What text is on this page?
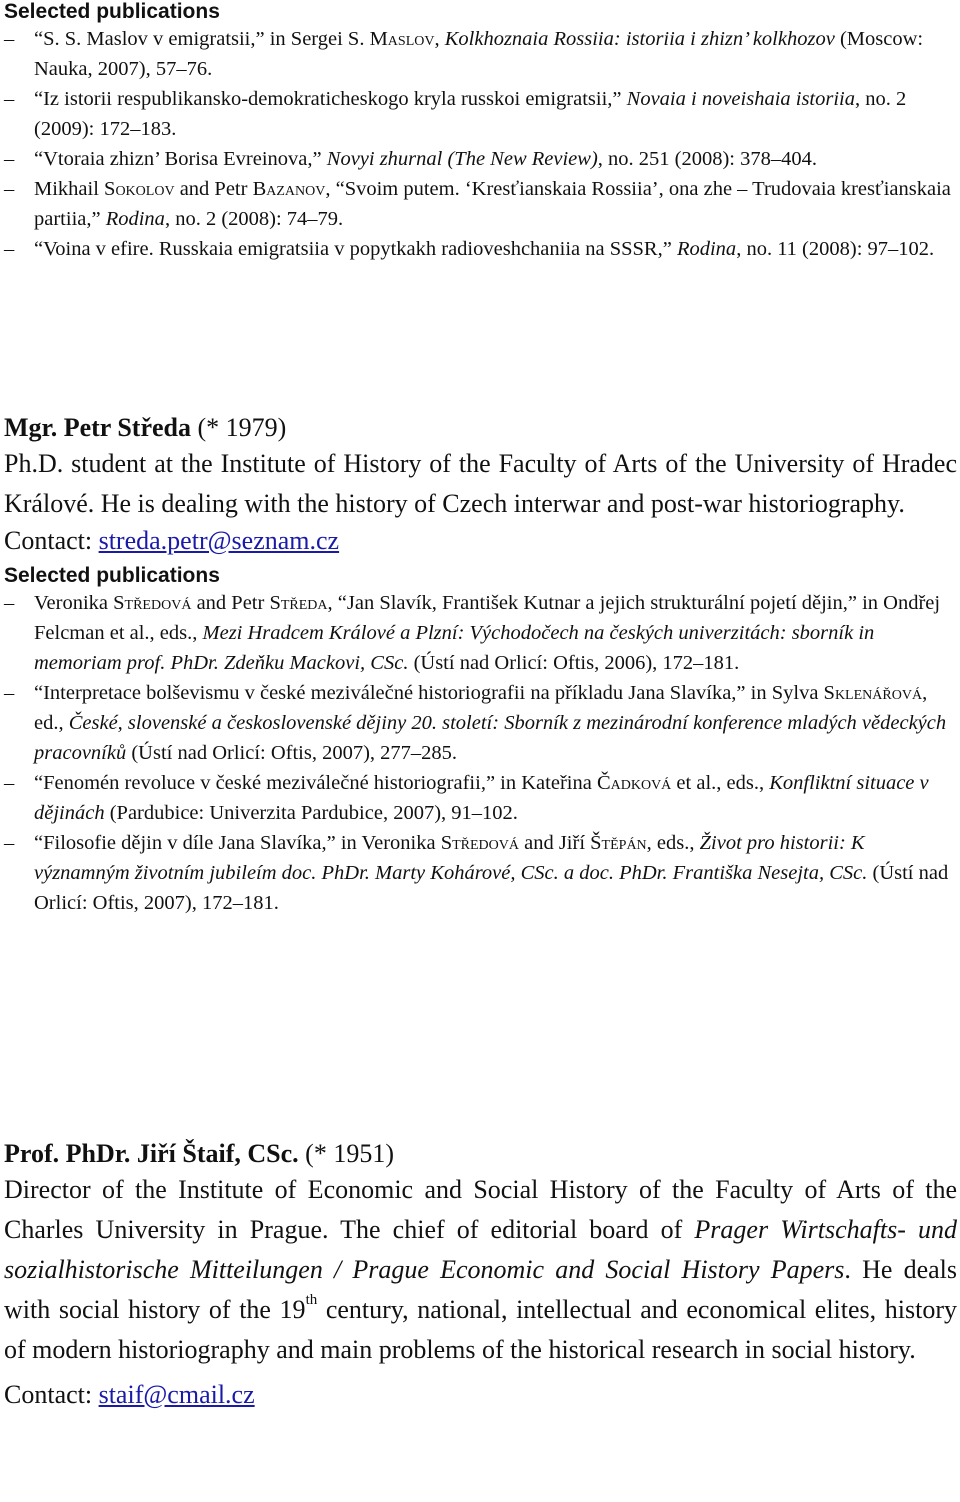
Selected publications

– “S. S. Maslov v emigratsii,” in Sergei S. Maslov, Kolkhoznaia Rossiia: istoriia i zhizn’ kolkhozov (Moscow: Nauka, 2007), 57–76.
– “Iz istorii respublikansko-demokraticheskogo kryla russkoi emigratsii,” Novaia i noveishaia istoriia, no. 2 (2009): 172–183.
– “Vtoraia zhizn’ Borisa Evreinova,” Novyi zhurnal (The New Review), no. 251 (2008): 378–404.
– Mikhail Sokolov and Petr Bazanov, “Svoim putem. ‘Kresťianskaia Rossiia’, ona zhe – Trudovaia kresťianskaia partiia,” Rodina, no. 2 (2008): 74–79.
– “Voina v efire. Russkaia emigratsiia v popytkakh radioveshchaniia na SSSR,” Rodina, no. 11 (2008): 97–102.

Mgr. Petr Středa (* 1979)

Ph.D. student at the Institute of History of the Faculty of Arts of the University of Hradec Králové. He is dealing with the history of Czech interwar and post-war historiography.

Contact: streda.petr@seznam.cz

Selected publications

– Veronika Středová and Petr Středa, “Jan Slavík, František Kutnar a jejich strukturální pojetí dějin,” in Ondřej Felcman et al., eds., Mezi Hradcem Králové a Plzní: Východočech na českých univerzitách: sborník in memoriam prof. PhDr. Zdeňku Mackovi, CSc. (Ústí nad Orlicí: Oftis, 2006), 172–181.
– “Interpretace bolševismu v české meziválečné historiografii na příkladu Jana Slavíka,” in Sylva Sklenářová, ed., České, slovenské a československé dějiny 20. století: Sborník z mezinárodní konference mladých vědeckých pracovníků (Ústí nad Orlicí: Oftis, 2007), 277–285.
– “Fenomén revoluce v české meziválečné historiografii,” in Kateřina Čadková et al., eds., Konfliktní situace v dějinách (Pardubice: Univerzita Pardubice, 2007), 91–102.
– “Filosofie dějin v díle Jana Slavíka,” in Veronika Středová and Jiří Štěpán, eds., Život pro historii: K významným životním jubileím doc. PhDr. Marty Kohárové, CSc. a doc. PhDr. Františka Nesejta, CSc. (Ústí nad Orlicí: Oftis, 2007), 172–181.

Prof. PhDr. Jiří Štaif, CSc. (* 1951)

Director of the Institute of Economic and Social History of the Faculty of Arts of the Charles University in Prague. The chief of editorial board of Prager Wirtschafts- und sozialhistorische Mitteilungen / Prague Economic and Social History Papers. He deals with social history of the 19th century, national, intellectual and economical elites, history of modern historiography and main problems of the historical research in social history.

Contact: staif@cmail.cz
